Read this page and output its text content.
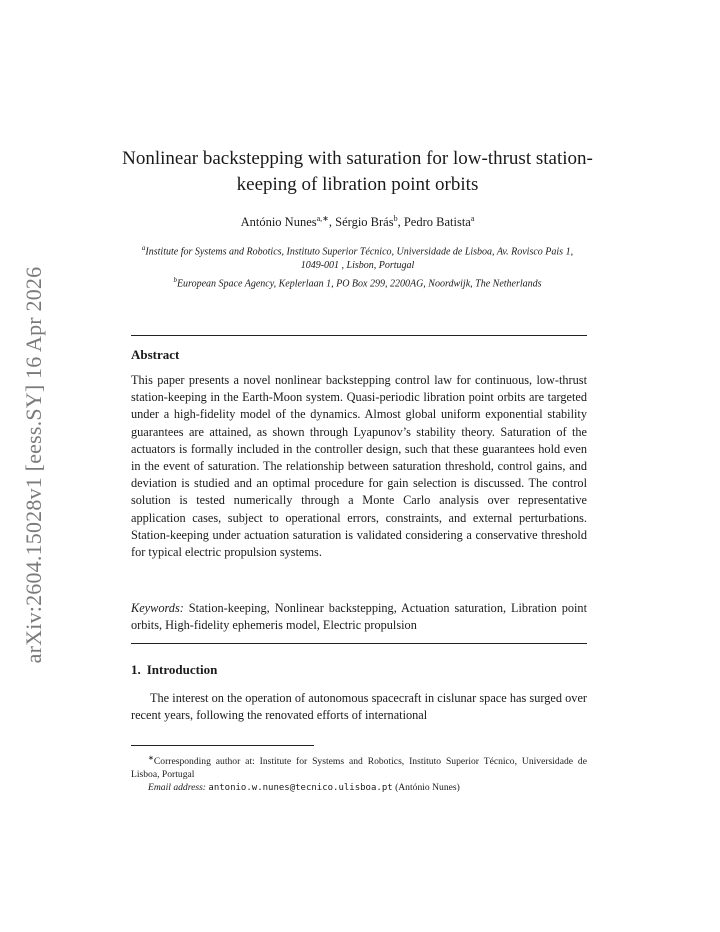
arXiv:2604.15028v1 [eess.SY] 16 Apr 2026
Nonlinear backstepping with saturation for low-thrust station-keeping of libration point orbits
António Nunes$^{a,∗}$, Sérgio Brás$^b$, Pedro Batista$^a$
$^a$Institute for Systems and Robotics, Instituto Superior Técnico, Universidade de Lisboa, Av. Rovisco Pais 1, 1049-001 , Lisbon, Portugal
$^b$European Space Agency, Keplerlaan 1, PO Box 299, 2200AG, Noordwijk, The Netherlands
Abstract
This paper presents a novel nonlinear backstepping control law for continuous, low-thrust station-keeping in the Earth-Moon system. Quasi-periodic libration point orbits are targeted under a high-fidelity model of the dynamics. Almost global uniform exponential stability guarantees are attained, as shown through Lyapunov’s stability theory. Saturation of the actuators is formally included in the controller design, such that these guarantees hold even in the event of saturation. The relationship between saturation threshold, control gains, and deviation is studied and an optimal procedure for gain selection is discussed. The control solution is tested numerically through a Monte Carlo analysis over representative application cases, subject to operational errors, constraints, and external perturbations. Station-keeping under actuation saturation is validated considering a conservative threshold for typical electric propulsion systems.
Keywords: Station-keeping, Nonlinear backstepping, Actuation saturation, Libration point orbits, High-fidelity ephemeris model, Electric propulsion
1. Introduction
The interest on the operation of autonomous spacecraft in cislunar space has surged over recent years, following the renovated efforts of international
∗Corresponding author at: Institute for Systems and Robotics, Instituto Superior Técnico, Universidade de Lisboa, Portugal
Email address: antonio.w.nunes@tecnico.ulisboa.pt (António Nunes)
